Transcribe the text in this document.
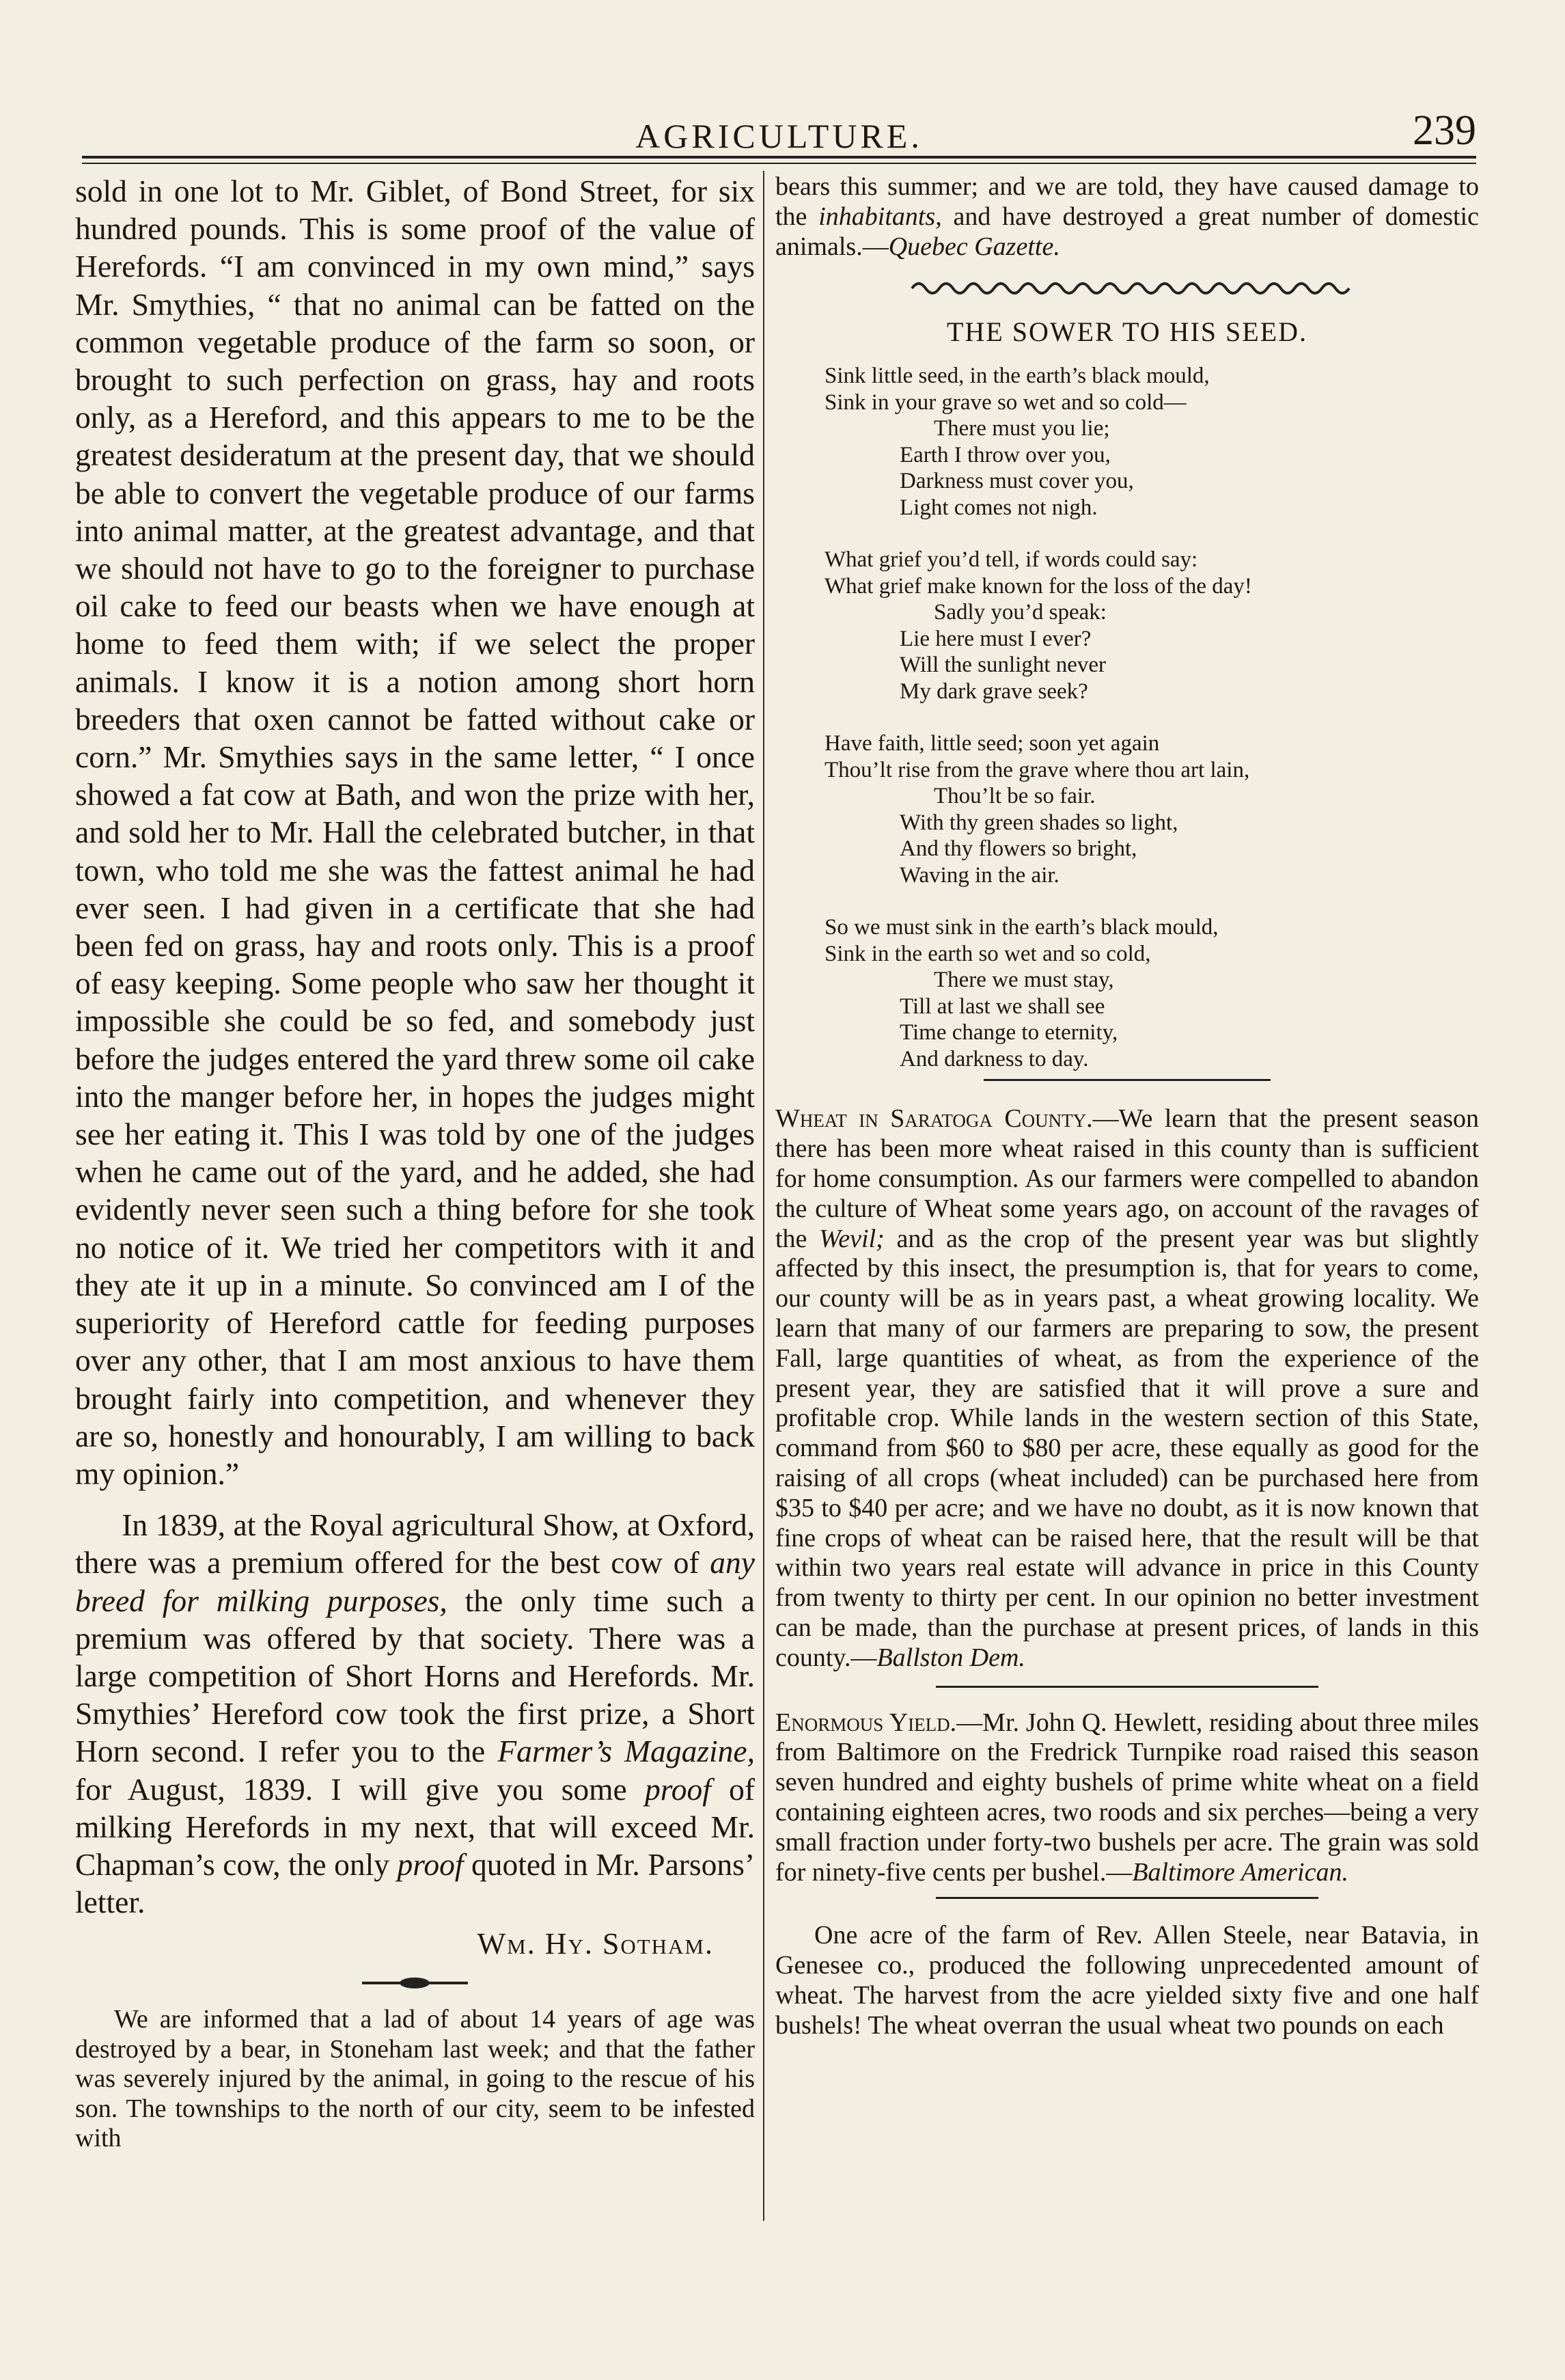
AGRICULTURE.	239

sold in one lot to Mr. Giblet, of Bond Street, for six hundred pounds. This is some proof of the value of Herefords. “I am convinced in my own mind,” says Mr. Smythies, “ that no animal can be fatted on the common vegetable produce of the farm so soon, or brought to such perfection on grass, hay and roots only, as a Hereford, and this appears to me to be the greatest desideratum at the present day, that we should be able to convert the vegetable produce of our farms into animal matter, at the greatest advantage, and that we should not have to go to the foreigner to purchase oil cake to feed our beasts when we have enough at home to feed them with; if we select the proper animals. I know it is a notion among short horn breeders that oxen cannot be fatted without cake or corn.” Mr. Smythies says in the same letter, “ I once showed a fat cow at Bath, and won the prize with her, and sold her to Mr. Hall the celebrated butcher, in that town, who told me she was the fattest animal he had ever seen. I had given in a certificate that she had been fed on grass, hay and roots only. This is a proof of easy keeping. Some people who saw her thought it impossible she could be so fed, and somebody just before the judges entered the yard threw some oil cake into the manger before her, in hopes the judges might see her eating it. This I was told by one of the judges when he came out of the yard, and he added, she had evidently never seen such a thing before for she took no notice of it. We tried her competitors with it and they ate it up in a minute. So convinced am I of the superiority of Hereford cattle for feeding purposes over any other, that I am most anxious to have them brought fairly into competition, and whenever they are so, honestly and honourably, I am willing to back my opinion.”

In 1839, at the Royal agricultural Show, at Oxford, there was a premium offered for the best cow of any breed for milking purposes, the only time such a premium was offered by that society. There was a large competition of Short Horns and Herefords. Mr. Smythies’ Hereford cow took the first prize, a Short Horn second. I refer you to the Farmer’s Magazine, for August, 1839. I will give you some proof of milking Herefords in my next, that will exceed Mr. Chapman’s cow, the only proof quoted in Mr. Parsons’ letter.

Wm. Hy. Sotham.

We are informed that a lad of about 14 years of age was destroyed by a bear, in Stoneham last week; and that the father was severely injured by the animal, in going to the rescue of his son. The townships to the north of our city, seem to be infested with

bears this summer; and we are told, they have caused damage to the inhabitants, and have destroyed a great number of domestic animals.—Quebec Gazette.

THE SOWER TO HIS SEED.
Sink little seed, in the earth’s black mould,
Sink in your grave so wet and so cold—
There must you lie;
Earth I throw over you,
Darkness must cover you,
Light comes not nigh.
What grief you’d tell, if words could say:
What grief make known for the loss of the day!
Sadly you’d speak:
Lie here must I ever?
Will the sunlight never
My dark grave seek?
Have faith, little seed; soon yet again
Thou’lt rise from the grave where thou art lain,
Thou’lt be so fair.
With thy green shades so light,
And thy flowers so bright,
Waving in the air.
So we must sink in the earth’s black mould,
Sink in the earth so wet and so cold,
There we must stay,
Till at last we shall see
Time change to eternity,
And darkness to day.

Wheat in Saratoga County.—We learn that the present season there has been more wheat raised in this county than is sufficient for home consumption. As our farmers were compelled to abandon the culture of Wheat some years ago, on account of the ravages of the Wevil; and as the crop of the present year was but slightly affected by this insect, the presumption is, that for years to come, our county will be as in years past, a wheat growing locality. We learn that many of our farmers are preparing to sow, the present Fall, large quantities of wheat, as from the experience of the present year, they are satisfied that it will prove a sure and profitable crop. While lands in the western section of this State, command from $60 to $80 per acre, these equally as good for the raising of all crops (wheat included) can be purchased here from $35 to $40 per acre; and we have no doubt, as it is now known that fine crops of wheat can be raised here, that the result will be that within two years real estate will advance in price in this County from twenty to thirty per cent. In our opinion no better investment can be made, than the purchase at present prices, of lands in this county.—Ballston Dem.

Enormous Yield.—Mr. John Q. Hewlett, residing about three miles from Baltimore on the Fredrick Turnpike road raised this season seven hundred and eighty bushels of prime white wheat on a field containing eighteen acres, two roods and six perches—being a very small fraction under forty-two bushels per acre. The grain was sold for ninety-five cents per bushel.—Baltimore American.

One acre of the farm of Rev. Allen Steele, near Batavia, in Genesee co., produced the following unprecedented amount of wheat. The harvest from the acre yielded sixty five and one half bushels! The wheat overran the usual wheat two pounds on each
